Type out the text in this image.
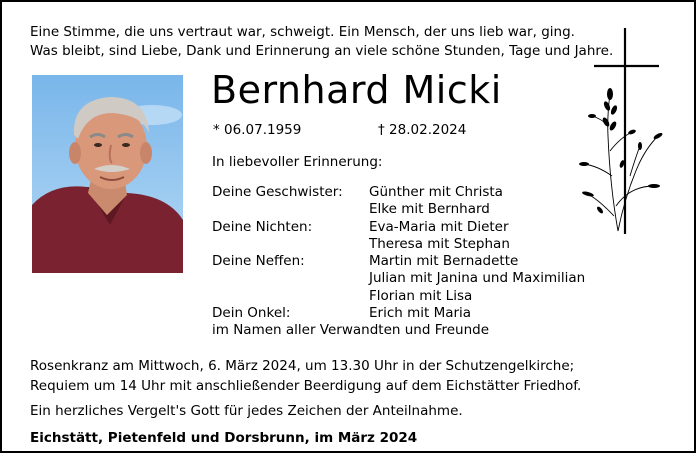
Eine Stimme, die uns vertraut war, schweigt. Ein Mensch, der uns lieb war, ging.
Was bleibt, sind Liebe, Dank und Erinnerung an viele schöne Stunden, Tage und Jahre.
Bernhard Micki
* 06.07.1959	† 28.02.2024
In liebevoller Erinnerung:
Deine Geschwister:	Günther mit Christa
Elke mit Bernhard
Deine Nichten:	Eva-Maria mit Dieter
Theresa mit Stephan
Deine Neffen:	Martin mit Bernadette
Julian mit Janina und Maximilian
Florian mit Lisa
Dein Onkel:	Erich mit Maria
im Namen aller Verwandten und Freunde
Rosenkranz am Mittwoch, 6. März 2024, um 13.30 Uhr in der Schutzengelkirche;
Requiem um 14 Uhr mit anschließender Beerdigung auf dem Eichstätter Friedhof.
Ein herzliches Vergelt's Gott für jedes Zeichen der Anteilnahme.
Eichstätt, Pietenfeld und Dorsbrunn, im März 2024
